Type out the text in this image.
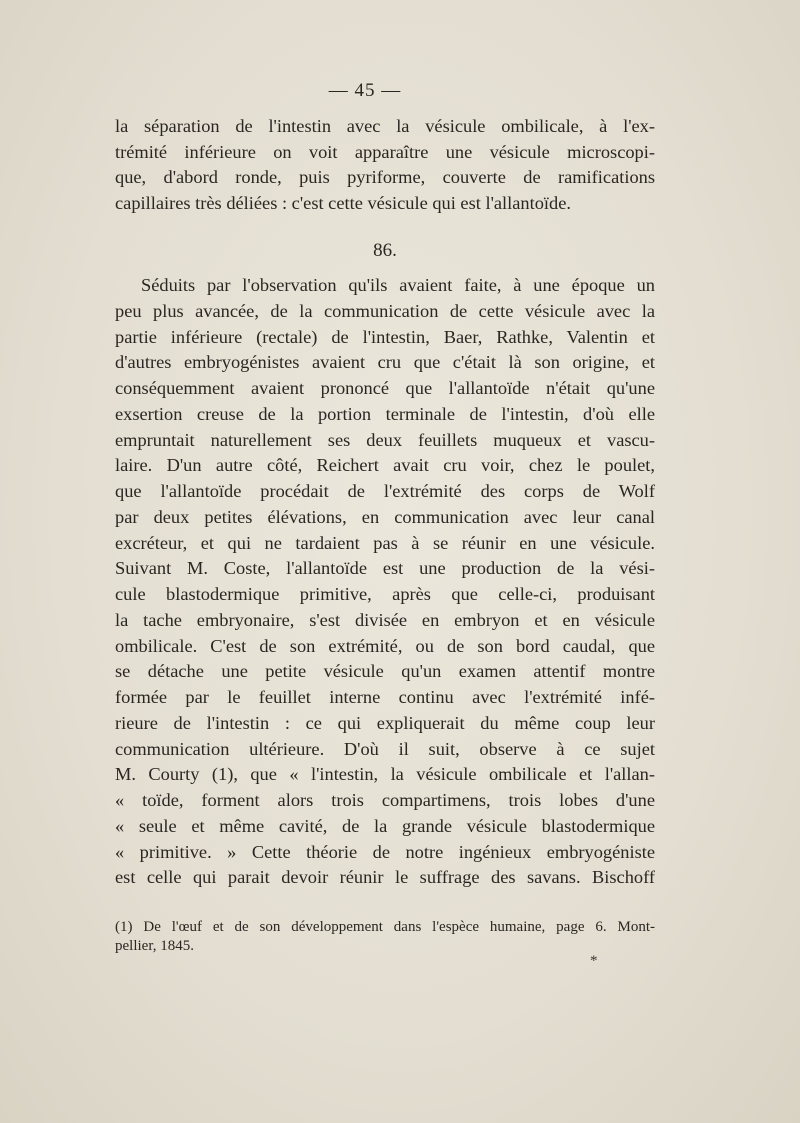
— 45 —
la séparation de l'intestin avec la vésicule ombilicale, à l'ex-
trémité inférieure on voit apparaître une vésicule microscopi-
que, d'abord ronde, puis pyriforme, couverte de ramifications
capillaires très déliées : c'est cette vésicule qui est l'allantoïde.
86.
Séduits par l'observation qu'ils avaient faite, à une époque un
peu plus avancée, de la communication de cette vésicule avec la
partie inférieure (rectale) de l'intestin, Baer, Rathke, Valentin et
d'autres embryogénistes avaient cru que c'était là son origine, et
conséquemment avaient prononcé que l'allantoïde n'était qu'une
exsertion creuse de la portion terminale de l'intestin, d'où elle
empruntait naturellement ses deux feuillets muqueux et vascu-
laire. D'un autre côté, Reichert avait cru voir, chez le poulet,
que l'allantoïde procédait de l'extrémité des corps de Wolf
par deux petites élévations, en communication avec leur canal
excréteur, et qui ne tardaient pas à se réunir en une vésicule.
Suivant M. Coste, l'allantoïde est une production de la vési-
cule blastodermique primitive, après que celle-ci, produisant
la tache embryonaire, s'est divisée en embryon et en vésicule
ombilicale. C'est de son extrémité, ou de son bord caudal, que
se détache une petite vésicule qu'un examen attentif montre
formée par le feuillet interne continu avec l'extrémité infé-
rieure de l'intestin : ce qui expliquerait du même coup leur
communication ultérieure. D'où il suit, observe à ce sujet
M. Courty (1), que « l'intestin, la vésicule ombilicale et l'allan-
« toïde, forment alors trois compartimens, trois lobes d'une
« seule et même cavité, de la grande vésicule blastodermique
« primitive. » Cette théorie de notre ingénieux embryogéniste
est celle qui parait devoir réunir le suffrage des savans. Bischoff
(1) De l'œuf et de son développement dans l'espèce humaine, page 6. Mont-
pellier, 1845.
*
